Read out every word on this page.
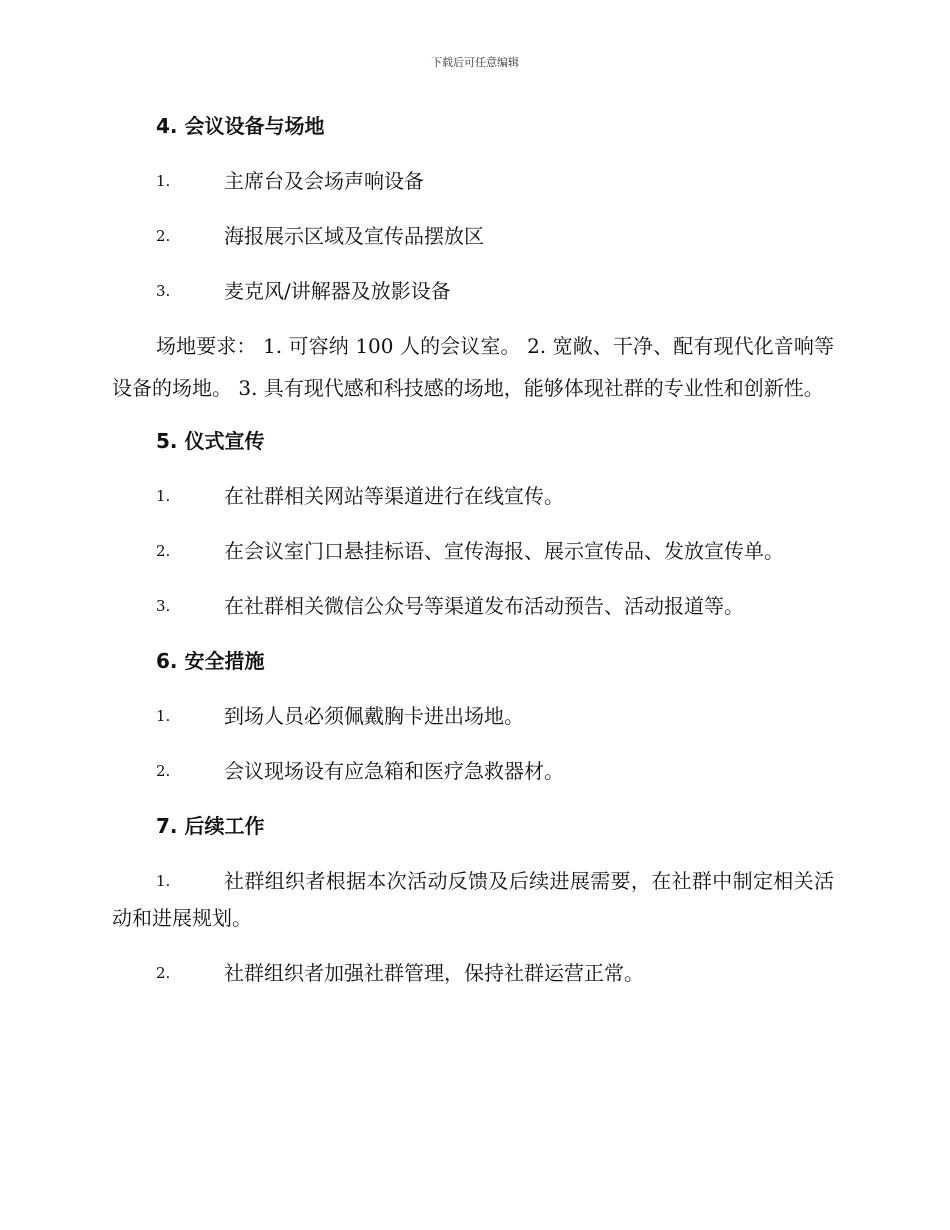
下载后可任意编辑
4. 会议设备与场地
1.	主席台及会场声响设备
2.	海报展示区域及宣传品摆放区
3.	麦克风/讲解器及放影设备
场地要求： 1. 可容纳 100 人的会议室。 2. 宽敞、干净、配有现代化音响等设备的场地。 3. 具有现代感和科技感的场地，能够体现社群的专业性和创新性。
5. 仪式宣传
1.	在社群相关网站等渠道进行在线宣传。
2.	在会议室门口悬挂标语、宣传海报、展示宣传品、发放宣传单。
3.	在社群相关微信公众号等渠道发布活动预告、活动报道等。
6. 安全措施
1.	到场人员必须佩戴胸卡进出场地。
2.	会议现场设有应急箱和医疗急救器材。
7. 后续工作
1.	社群组织者根据本次活动反馈及后续进展需要，在社群中制定相关活动和进展规划。
2.	社群组织者加强社群管理，保持社群运营正常。
